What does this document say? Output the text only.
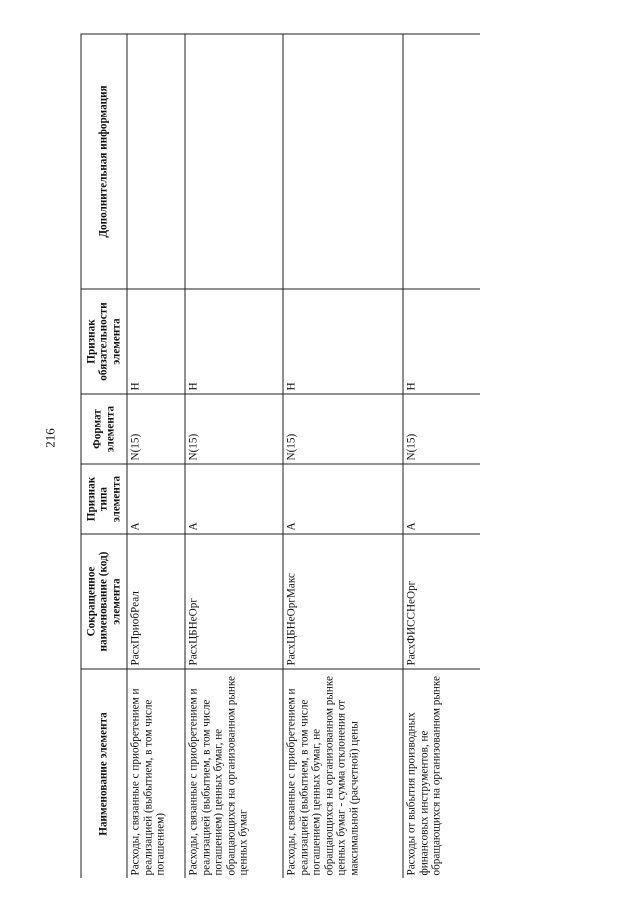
216
Наименование элемента	Сокращенное наименование (код) элемента	Признак типа элемента	Формат элемента	Признак обязательности элемента	Дополнительная информация
Расходы, связанные с приобретением и реализацией (выбытием, в том числе погашением)	РасхПриобРеал	А	N(15)	Н	
Расходы, связанные с приобретением и реализацией (выбытием, в том числе погашением) ценных бумаг, не обращающихся на организованном рынке ценных бумаг	РасхЦБНеОрг	А	N(15)	Н	
Расходы, связанные с приобретением и реализацией (выбытием, в том числе погашением) ценных бумаг, не обращающихся на организованном рынке ценных бумаг - сумма отклонения от максимальной (расчетной) цены	РасхЦБНеОргМакс	А	N(15)	Н	
Расходы от выбытия производных финансовых инструментов, не обращающихся на организованном рынке	РасхФИССНеОрг	А	N(15)	Н	
